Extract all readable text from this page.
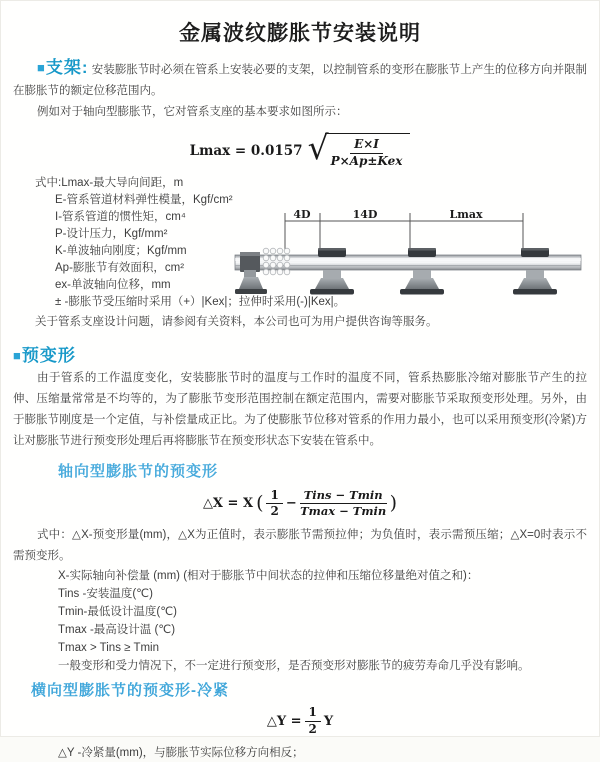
金属波纹膨胀节安装说明

■支架: 安装膨胀节时必须在管系上安装必要的支架，以控制管系的变形在膨胀节上产生的位移方向并限制在膨胀节的额定位移范围内。

例如对于轴向型膨胀节，它对管系支座的基本要求如图所示：

Lmax = 0.0157 √ $\frac{E\times I}{\text{P×Ap±Kex}}$
式中:Lmax-最大导向间距，m
E-管系管道材料弹性模量，Kgf/cm²
I-管系管道的惯性矩，cm⁴
P-设计压力，Kgf/mm²
K-单波轴向刚度；Kgf/mm
Ap-膨胀节有效面积，cm²
ex-单波轴向位移，mm
± -膨胀节受压缩时采用（+）|Kex|；拉伸时采用(-)|Kex|。
4D	14D	Lmax
关于管系支座设计问题，请参阅有关资料，本公司也可为用户提供咨询等服务。
■预变形

由于管系的工作温度变化，安装膨胀节时的温度与工作时的温度不同，管系热膨胀冷缩对膨胀节产生的拉伸、压缩量常常是不均等的，为了膨胀节变形范围控制在额定范围内，需要对膨胀节采取预变形处理。另外，由于膨胀节刚度是一个定值，与补偿量成正比。为了使膨胀节位移对管系的作用力最小，也可以采用预变形(冷紧)方让对膨胀节进行预变形处理后再将膨胀节在预变形状态下安装在管系中。

轴向型膨胀节的预变形
△X = X ( $\frac{1}{2} - \frac{\text{Tins − Tmin}}{Tmax - Tmin}$ )

式中：△X-预变形量(mm)，△X为正值时，表示膨胀节需预拉伸；为负值时，表示需预压缩；△X=0时表示不需预变形。

X-实际轴向补偿量 (mm) (相对于膨胀节中间状态的拉伸和压缩位移量绝对值之和)：
Tins -安装温度(℃)
Tmin-最低设计温度(℃)
Tmax -最高设计温 (℃)
Tmax > Tins ≥ Tmin
一般变形和受力情况下，不一定进行预变形，是否预变形对膨胀节的疲劳寿命几乎没有影响。
横向型膨胀节的预变形-冷紧
△Y = $\frac{1}{2}$ Y

△Y -冷紧量(mm)，与膨胀节实际位移方向相反；
